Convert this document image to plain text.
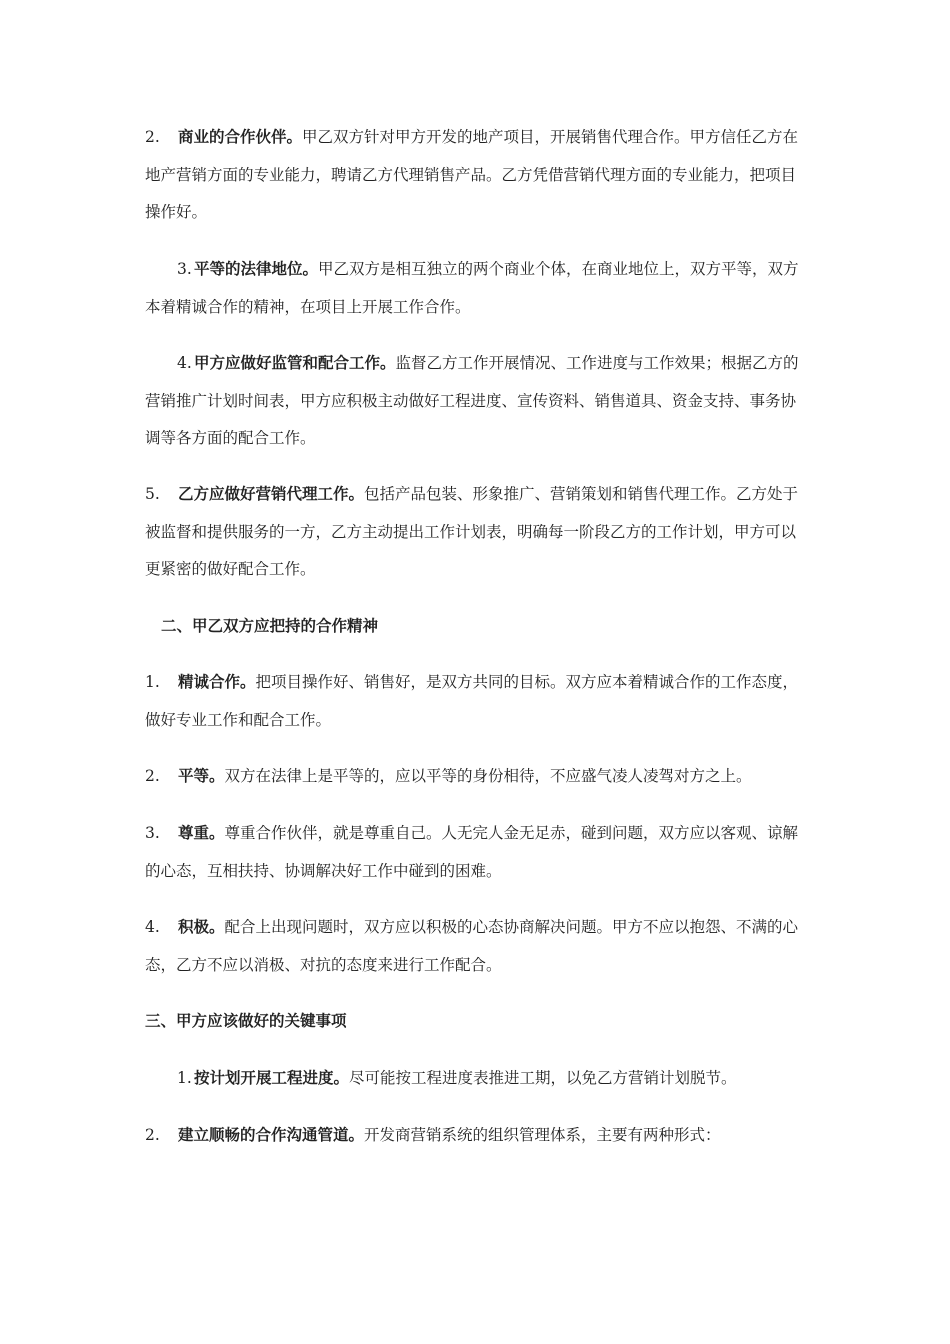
2. 商业的合作伙伴。甲乙双方针对甲方开发的地产项目，开展销售代理合作。甲方信任乙方在地产营销方面的专业能力，聘请乙方代理销售产品。乙方凭借营销代理方面的专业能力，把项目操作好。

3. 平等的法律地位。甲乙双方是相互独立的两个商业个体，在商业地位上，双方平等，双方本着精诚合作的精神，在项目上开展工作合作。

4. 甲方应做好监管和配合工作。监督乙方工作开展情况、工作进度与工作效果；根据乙方的营销推广计划时间表，甲方应积极主动做好工程进度、宣传资料、销售道具、资金支持、事务协调等各方面的配合工作。

5. 乙方应做好营销代理工作。包括产品包装、形象推广、营销策划和销售代理工作。乙方处于被监督和提供服务的一方，乙方主动提出工作计划表，明确每一阶段乙方的工作计划，甲方可以更紧密的做好配合工作。

二、甲乙双方应把持的合作精神

1. 精诚合作。把项目操作好、销售好，是双方共同的目标。双方应本着精诚合作的工作态度，做好专业工作和配合工作。

2. 平等。双方在法律上是平等的，应以平等的身份相待，不应盛气凌人凌驾对方之上。

3. 尊重。尊重合作伙伴，就是尊重自己。人无完人金无足赤，碰到问题，双方应以客观、谅解的心态，互相扶持、协调解决好工作中碰到的困难。

4. 积极。配合上出现问题时，双方应以积极的心态协商解决问题。甲方不应以抱怨、不满的心态，乙方不应以消极、对抗的态度来进行工作配合。

三、甲方应该做好的关键事项

1. 按计划开展工程进度。尽可能按工程进度表推进工期，以免乙方营销计划脱节。

2. 建立顺畅的合作沟通管道。开发商营销系统的组织管理体系，主要有两种形式：
